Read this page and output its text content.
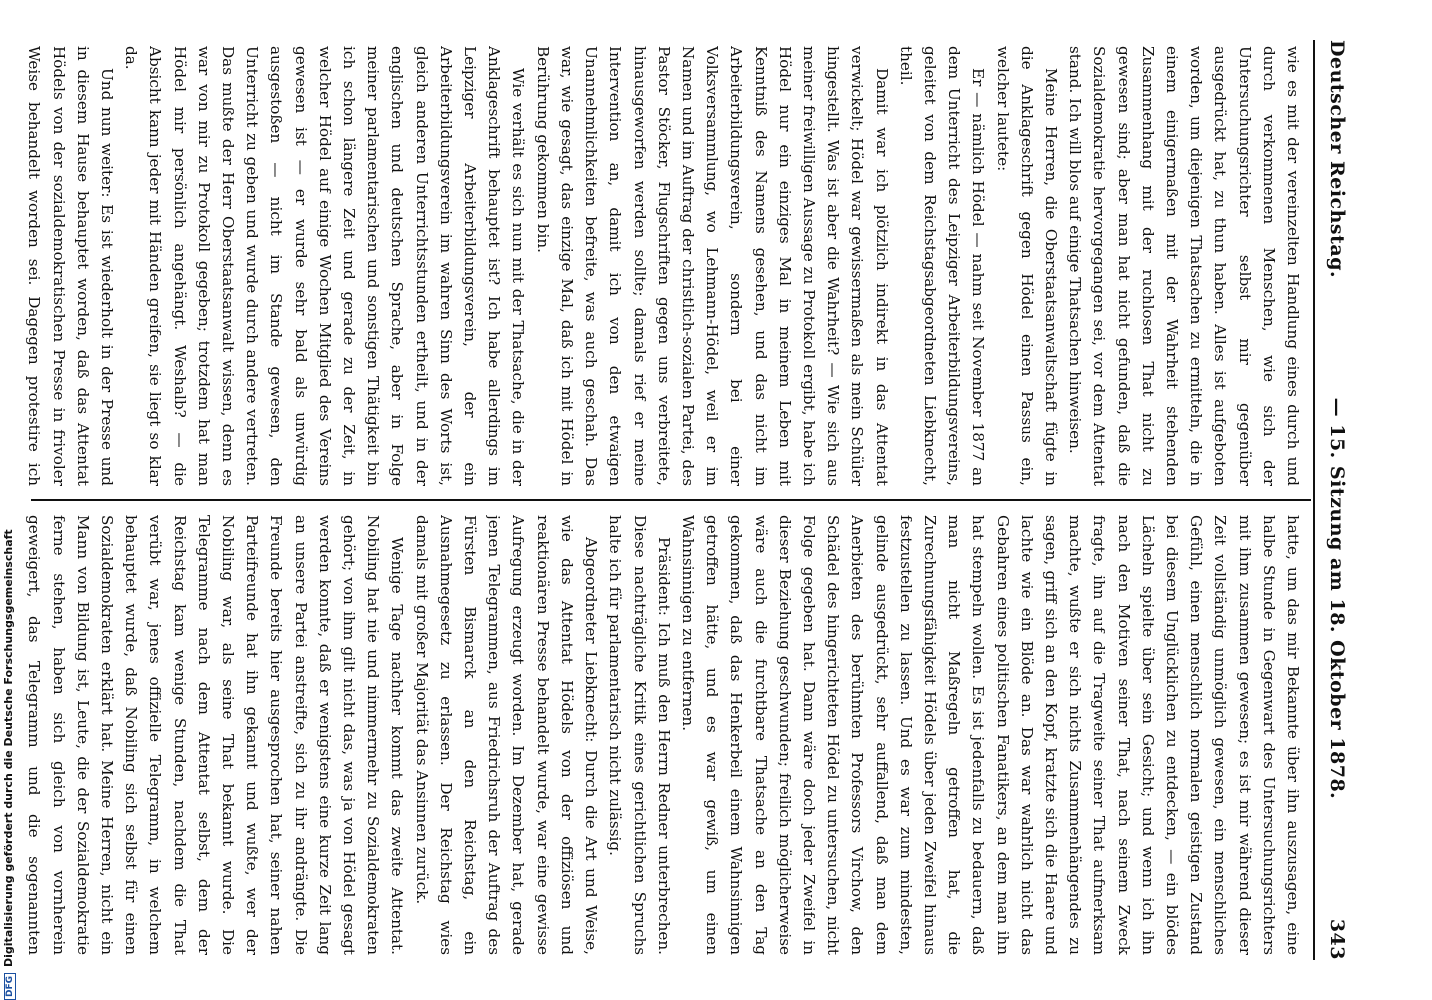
Deutscher Reichstag.
— 15. Sitzung am 18. Oktober 1878.
343

wie es mit der vereinzelten Handlung eines durch und durch verkommenen Menschen, wie sich der Untersuchungsrichter selbst mir gegenüber ausgedrückt hat, zu thun haben. Alles ist aufgeboten worden, um diejenigen Thatsachen zu ermitteln, die in einem einigermaßen mit der Wahrheit stehenden Zusammenhang mit der ruchlosen That nicht zu gewesen sind; aber man hat nicht gefunden, daß die Sozialdemokratie hervorgegangen sei, vor dem Attentat stand. Ich will blos auf einige Thatsachen hinweisen.

Meine Herren, die Oberstaatsanwaltschaft fügte in die Anklageschrift gegen Hödel einen Passus ein, welcher lautete:

Er — nämlich Hödel — nahm seit November 1877 an dem Unterricht des Leipziger Arbeiterbildungsvereins, geleitet von dem Reichstagsabgeordneten Liebknecht, theil.

Damit war ich plötzlich indirekt in das Attentat verwickelt; Hödel war gewissermaßen als mein Schüler hingestellt. Was ist aber die Wahrheit? — Wie sich aus meiner freiwilligen Aussage zu Protokoll ergibt, habe ich Hödel nur ein einziges Mal in meinem Leben mit Kenntniß des Namens gesehen, und das nicht im Arbeiterbildungsverein, sondern bei einer Volksversammlung, wo Lehmann-Hödel, weil er im Namen und im Auftrag der christlich-sozialen Partei, des Pastor Stöcker, Flugschriften gegen uns verbreitete, hinausgeworfen werden sollte; damals rief er meine Intervention an, damit ich von den etwaigen Unannehmlichkeiten befreite, was auch geschah. Das war, wie gesagt, das einzige Mal, daß ich mit Hödel in Berührung gekommen bin.

Wie verhält es sich nun mit der Thatsache, die in der Anklageschrift behauptet ist? Ich habe allerdings im Leipziger Arbeiterbildungsverein, der ein Arbeiterbildungsverein im wahren Sinn des Worts ist, gleich anderen Unterrichtsstunden ertheilt, und in der englischen und deutschen Sprache, aber in Folge meiner parlamentarischen und sonstigen Thätigkeit bin ich schon längere Zeit und gerade zu der Zeit, in welcher Hödel auf einige Wochen Mitglied des Vereins gewesen ist — er wurde sehr bald als unwürdig ausgestoßen — nicht im Stande gewesen, den Unterricht zu geben und wurde durch andere vertreten. Das mußte der Herr Oberstaatsanwalt wissen, denn es war von mir zu Protokoll gegeben; trotzdem hat man Hödel mir persönlich angehängt. Weshalb? — die Absicht kann jeder mit Händen greifen, sie liegt so klar da.

Und nun weiter: Es ist wiederholt in der Presse und in diesem Hause behauptet worden, daß das Attentat Hödels von der sozialdemokratischen Presse in frivoler Weise behandelt worden sei. Dagegen protestire ich

hatte, um das mir Bekannte über ihn auszusagen, eine halbe Stunde in Gegenwart des Untersuchungsrichters mit ihm zusammen gewesen; es ist mir während dieser Zeit vollständig unmöglich gewesen, ein menschliches Gefühl, einen menschlich normalen geistigen Zustand bei diesem Unglücklichen zu entdecken, — ein blödes Lächeln spielte über sein Gesicht; und wenn ich ihn nach den Motiven seiner That, nach seinem Zweck fragte, ihn auf die Tragweite seiner That aufmerksam machte, wußte er sich nichts Zusammenhängendes zu sagen, griff sich an den Kopf, kratzte sich die Haare und lachte wie ein Blöde an. Das war wahrlich nicht das Gebahren eines politischen Fanatikers, an dem man ihn hat stempeln wollen. Es ist jedenfalls zu bedauern, daß man nicht Maßregeln getroffen hat, die Zurechnungsfähigkeit Hödels über jeden Zweifel hinaus festzustellen zu lassen. Und es war zum mindesten, gelinde ausgedrückt, sehr auffallend, daß man dem Anerbieten des berühmten Professors Virchow, den Schädel des hingerichteten Hödel zu untersuchen, nicht Folge gegeben hat. Dann wäre doch jeder Zweifel in dieser Beziehung geschwunden; freilich möglicherweise wäre auch die furchtbare Thatsache an den Tag gekommen, daß das Henkerbeil einem Wahnsinnigen getroffen hätte, und es war gewiß, um einen Wahnsinnigen zu entfernen.

Präsident: Ich muß den Herrn Redner unterbrechen. Diese nachträgliche Kritik eines gerichtlichen Spruchs halte ich für parlamentarisch nicht zulässig.

Abgeordneter Liebknecht: Durch die Art und Weise, wie das Attentat Hödels von der offiziösen und reaktionären Presse behandelt wurde, war eine gewisse Aufregung erzeugt worden. Im Dezember hat, gerade jenen Telegrammen, aus Friedrichsruh der Auftrag des Fürsten Bismarck an den Reichstag, ein Ausnahmegesetz zu erlassen. Der Reichstag wies damals mit großer Majorität das Ansinnen zurück.

Wenige Tage nachher kommt das zweite Attentat. Nobiling hat nie und nimmermehr zu Sozialdemokraten gehört; von ihm gilt nicht das, was ja von Hödel gesagt werden konnte, daß er wenigstens eine kurze Zeit lang an unsere Partei anstreifte, sich zu ihr andrängte. Die Freunde bereits hier ausgesprochen hat, seiner nahen Parteifreunde hat ihn gekannt und wußte, wer der Nobiling war, als seine That bekannt wurde. Die Telegramme nach dem Attentat selbst, dem der Reichstag kam wenige Stunden, nachdem die That verübt war, jenes offizielle Telegramm, in welchem behauptet wurde, daß Nobiling sich selbst für einen Sozialdemokraten erklärt hat. Meine Herren, nicht ein Mann von Bildung ist, Leute, die der Sozialdemokratie ferne stehen, haben sich gleich von vornherein geweigert, das Telegramm und die sogenannten

DFGDigitalisierung gefördert durch die Deutsche Forschungsgemeinschaft
